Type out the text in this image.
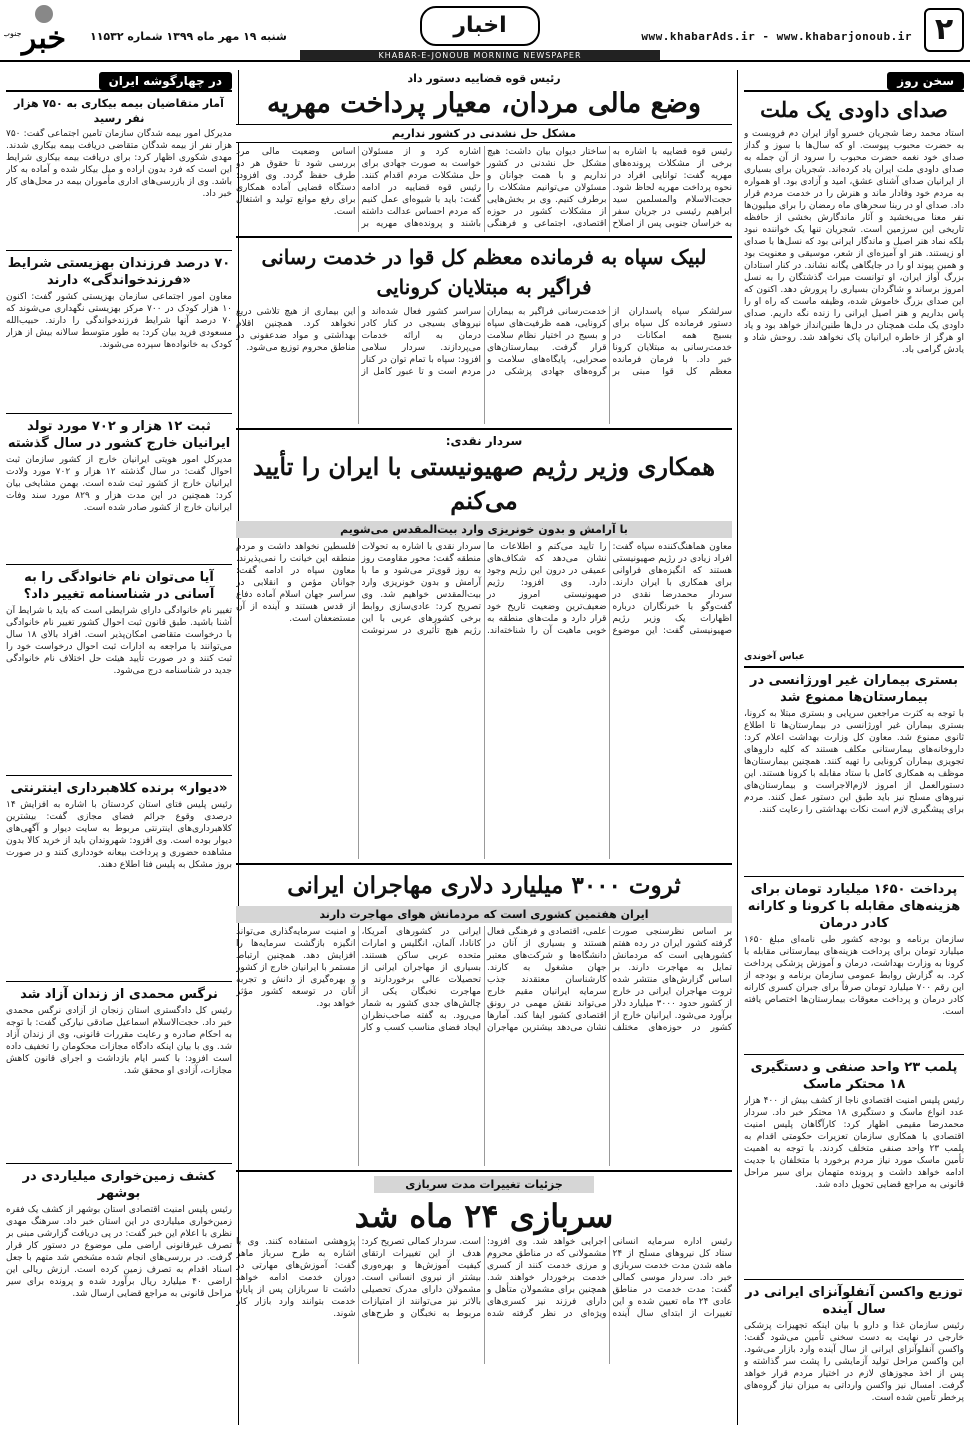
۲
www.khabarAds.ir - www.khabarjonoub.ir
اخبار
KHABAR-E-JONOUB MORNING NEWSPAPER
شنبه ۱۹ مهر ماه ۱۳۹۹ شماره ۱۱۵۳۲
خبر
جنوب
سخن روز
صدای داودی یک ملت
استاد محمد رضا شجریان خسرو آواز ایران دم فروبست و به حضرت محبوب پیوست. او که سال‌ها با سوز و گداز صدای خود نغمه حضرت محبوب را سرود از آن جمله به صدای داودی ملت ایران یاد کرده‌اند. شجریان برای بسیاری از ایرانیان صدای آشنای عشق، امید و آزادی بود. او همواره به مردم خود وفادار ماند و هنرش را در خدمت مردم قرار داد. صدای او در ربنا سحرهای ماه رمضان را برای میلیون‌ها نفر معنا می‌بخشید و آثار ماندگارش بخشی از حافظه تاریخی این سرزمین است. شجریان تنها یک خواننده نبود بلکه نماد هنر اصیل و ماندگار ایرانی بود که نسل‌ها با صدای او زیستند. هنر او آمیزه‌ای از شعر، موسیقی و معنویت بود و همین پیوند او را در جایگاهی یگانه نشاند. در کنار استادان بزرگ آواز ایران، او توانست میراث گذشتگان را به نسل امروز برساند و شاگردان بسیاری را پرورش دهد. اکنون که این صدای بزرگ خاموش شده، وظیفه ماست که راه او را پاس بداریم و هنر اصیل ایرانی را زنده نگه داریم. صدای داودی یک ملت همچنان در دل‌ها طنین‌انداز خواهد بود و یاد او هرگز از خاطره ایرانیان پاک نخواهد شد. روحش شاد و یادش گرامی باد.
عباس آخوندی
بستری بیماران غیر اورژانسی در بیمارستان‌ها ممنوع شد
با توجه به کثرت مراجعین سرپایی و بستری مبتلا به کرونا، بستری بیماران غیر اورژانسی در بیمارستان‌ها تا اطلاع ثانوی ممنوع شد. معاون کل وزارت بهداشت اعلام کرد: داروخانه‌های بیمارستانی مکلف هستند که کلیه داروهای تجویزی بیماران کرونایی را تهیه کنند. همچنین بیمارستان‌ها موظف به همکاری کامل با ستاد مقابله با کرونا هستند. این دستورالعمل از امروز لازم‌الاجراست و بیمارستان‌های نیروهای مسلح نیز باید طبق این دستور عمل کنند. مردم برای پیشگیری لازم است نکات بهداشتی را رعایت کنند.
پرداخت ۱۶۵۰ میلیارد تومان برای هزینه‌های مقابله با کرونا و کارانه کادر درمان
سازمان برنامه و بودجه کشور طی نامه‌ای مبلغ ۱۶۵۰ میلیارد تومان برای پرداخت هزینه‌های بیمارستانی مقابله با کرونا به وزارت بهداشت، درمان و آموزش پزشکی پرداخت کرد. به گزارش روابط عمومی سازمان برنامه و بودجه از این رقم ۷۰۰ میلیارد تومان صرفاً برای جبران کسری کارانه کادر درمان و پرداخت معوقات بیمارستان‌ها اختصاص یافته است.
پلمب ۲۳ واحد صنفی و دستگیری ۱۸ محتکر ماسک
رئیس پلیس امنیت اقتصادی ناجا از کشف بیش از ۴۰۰ هزار عدد انواع ماسک و دستگیری ۱۸ محتکر خبر داد. سردار محمدرضا مقیمی اظهار کرد: کارآگاهان پلیس امنیت اقتصادی با همکاری سازمان تعزیرات حکومتی اقدام به پلمب ۲۳ واحد صنفی متخلف کردند. با توجه به اهمیت تأمین ماسک مورد نیاز مردم برخورد با متخلفان با جدیت ادامه خواهد داشت و پرونده متهمان برای سیر مراحل قانونی به مراجع قضایی تحویل داده شد.
توزیع واکسن آنفلوآنزای ایرانی در سال آینده
رئیس سازمان غذا و دارو با بیان اینکه تجهیزات پزشکی خارجی در نهایت به دست سخنی تأمین می‌شود گفت: واکسن آنفلوآنزای ایرانی از سال آینده وارد بازار می‌شود. این واکسن مراحل تولید آزمایشی را پشت سر گذاشته و پس از اخذ مجوزهای لازم در اختیار مردم قرار خواهد گرفت. امسال نیز واکسن وارداتی به میزان نیاز گروه‌های پرخطر تأمین شده است.
رئیس قوه قضاییه دستور داد
وضع مالی مردان، معیار پرداخت مهریه
مشکل حل نشدنی در کشور نداریم
رئیس قوه قضاییه با اشاره به برخی از مشکلات پرونده‌های مهریه گفت: توانایی افراد در نحوه پرداخت مهریه لحاظ شود. حجت‌الاسلام والمسلمین سید ابراهیم رئیسی در جریان سفر به خراسان جنوبی پس از اصلاح ساختار دیوان بیان داشت: هیچ مشکل حل نشدنی در کشور نداریم و با همت جوانان و مسئولان می‌توانیم مشکلات را برطرف کنیم. وی بر بخش‌هایی از مشکلات کشور در حوزه اقتصادی، اجتماعی و فرهنگی اشاره کرد و از مسئولان خواست به صورت جهادی برای حل مشکلات مردم اقدام کنند. رئیس قوه قضاییه در ادامه گفت: باید با شیوه‌ای عمل کنیم که مردم احساس عدالت داشته باشند و پرونده‌های مهریه بر اساس وضعیت مالی مرد بررسی شود تا حقوق هر دو طرف حفظ گردد. وی افزود: دستگاه قضایی آماده همکاری برای رفع موانع تولید و اشتغال است.
لبیک سپاه به فرمانده معظم کل قوا در خدمت رسانی فراگیر به مبتلایان کرونایی
سرلشکر سپاه پاسداران از دستور فرمانده کل سپاه برای بسیج همه امکانات در خدمت‌رسانی به مبتلایان کرونا خبر داد. با فرمان فرمانده معظم کل قوا مبنی بر خدمت‌رسانی فراگیر به بیماران کرونایی، همه ظرفیت‌های سپاه و بسیج در اختیار نظام سلامت قرار گرفت. بیمارستان‌های صحرایی، پایگاه‌های سلامت و گروه‌های جهادی پزشکی در سراسر کشور فعال شده‌اند و نیروهای بسیجی در کنار کادر درمان به ارائه خدمات می‌پردازند. سردار سلامی افزود: سپاه با تمام توان در کنار مردم است و تا عبور کامل از این بیماری از هیچ تلاشی دریغ نخواهد کرد. همچنین اقلام بهداشتی و مواد ضدعفونی در مناطق محروم توزیع می‌شود.
سردار نقدی:
همکاری وزیر رژیم صهیونیستی با ایران را تأیید می‌کنم
با آرامش و بدون خونریزی وارد بیت‌المقدس می‌شویم
معاون هماهنگ‌کننده سپاه گفت: افراد زیادی در رژیم صهیونیستی هستند که انگیزه‌های فراوانی برای همکاری با ایران دارند. سردار محمدرضا نقدی در گفت‌وگو با خبرنگاران درباره اظهارات یک وزیر رژیم صهیونیستی گفت: این موضوع را تأیید می‌کنم و اطلاعات ما نشان می‌دهد که شکاف‌های عمیقی در درون این رژیم وجود دارد. وی افزود: رژیم صهیونیستی امروز در ضعیف‌ترین وضعیت تاریخ خود قرار دارد و ملت‌های منطقه به خوبی ماهیت آن را شناخته‌اند. سردار نقدی با اشاره به تحولات منطقه گفت: محور مقاومت روز به روز قوی‌تر می‌شود و ما با آرامش و بدون خونریزی وارد بیت‌المقدس خواهیم شد. وی تصریح کرد: عادی‌سازی روابط برخی کشورهای عربی با این رژیم هیچ تأثیری در سرنوشت فلسطین نخواهد داشت و مردم منطقه این خیانت را نمی‌پذیرند. معاون سپاه در ادامه گفت: جوانان مؤمن و انقلابی در سراسر جهان اسلام آماده دفاع از قدس هستند و آینده از آن مستضعفان است.
ثروت ۳۰۰۰ میلیارد دلاری مهاجران ایرانی
ایران هفتمین کشوری است که مردمانش هوای مهاجرت دارند
بر اساس نظرسنجی صورت گرفته کشور ایران در رده هفتم کشورهایی است که مردمانش تمایل به مهاجرت دارند. بر اساس گزارش‌های منتشر شده ثروت مهاجران ایرانی در خارج از کشور حدود ۳۰۰۰ میلیارد دلار برآورد می‌شود. ایرانیان خارج از کشور در حوزه‌های مختلف علمی، اقتصادی و فرهنگی فعال هستند و بسیاری از آنان در دانشگاه‌ها و شرکت‌های معتبر جهان مشغول به کارند. کارشناسان معتقدند جذب سرمایه ایرانیان مقیم خارج می‌تواند نقش مهمی در رونق اقتصادی کشور ایفا کند. آمارها نشان می‌دهد بیشترین مهاجران ایرانی در کشورهای آمریکا، کانادا، آلمان، انگلیس و امارات متحده عربی ساکن هستند. بسیاری از مهاجران ایرانی از تحصیلات عالی برخوردارند و مهاجرت نخبگان یکی از چالش‌های جدی کشور به شمار می‌رود. به گفته صاحب‌نظران ایجاد فضای مناسب کسب و کار و امنیت سرمایه‌گذاری می‌تواند انگیزه بازگشت سرمایه‌ها را افزایش دهد. همچنین ارتباط مستمر با ایرانیان خارج از کشور و بهره‌گیری از دانش و تجربه آنان در توسعه کشور مؤثر خواهد بود.
جزئیات تغییرات مدت سربازی
سربازی ۲۴ ماه شد
رئیس اداره سرمایه انسانی ستاد کل نیروهای مسلح از ۲۴ ماهه شدن مدت خدمت سربازی خبر داد. سردار موسی کمالی گفت: مدت خدمت در مناطق عادی ۲۴ ماه تعیین شده و این تغییرات از ابتدای سال آینده اجرایی خواهد شد. وی افزود: مشمولانی که در مناطق محروم و مرزی خدمت کنند از کسری خدمت برخوردار خواهند شد. همچنین برای مشمولان متأهل و دارای فرزند نیز کسری‌های ویژه‌ای در نظر گرفته شده است. سردار کمالی تصریح کرد: هدف از این تغییرات ارتقای کیفیت آموزش‌ها و بهره‌وری بیشتر از نیروی انسانی است. مشمولان دارای مدرک تحصیلی بالاتر نیز می‌توانند از امتیازات مربوط به نخبگان و طرح‌های پژوهشی استفاده کنند. وی با اشاره به طرح سرباز ماهر گفت: آموزش‌های مهارتی در دوران خدمت ادامه خواهد داشت تا سربازان پس از پایان خدمت بتوانند وارد بازار کار شوند.
در چهارگوشه ایران
آمار متقاضیان بیمه بیکاری به ۷۵۰ هزار نفر رسید
مدیرکل امور بیمه شدگان سازمان تامین اجتماعی گفت: ۷۵۰ هزار نفر از بیمه شدگان متقاضی دریافت بیمه بیکاری شدند. مهدی شکوری اظهار کرد: برای دریافت بیمه بیکاری شرایط این است که فرد بدون اراده و میل بیکار شده و آماده به کار باشد. وی از بازرسی‌های اداری مأموران بیمه در محل‌های کار خبر داد.
۷۰ درصد فرزندان بهزیستی شرایط «فرزندخواندگی» دارند
معاون امور اجتماعی سازمان بهزیستی کشور گفت: اکنون ۱۰ هزار کودک در ۷۰۰ مرکز بهزیستی نگهداری می‌شوند که ۷۰ درصد آنها شرایط فرزندخواندگی را دارند. حبیب‌الله مسعودی فرید بیان کرد: به طور متوسط سالانه بیش از هزار کودک به خانواده‌ها سپرده می‌شوند.
ثبت ۱۲ هزار و ۷۰۲ مورد تولد ایرانیان خارج کشور در سال گذشته
مدیرکل امور هویتی ایرانیان خارج از کشور سازمان ثبت احوال گفت: در سال گذشته ۱۲ هزار و ۷۰۲ مورد ولادت ایرانیان خارج از کشور ثبت شده است. بهمن مشایخی بیان کرد: همچنین در این مدت هزار و ۸۲۹ مورد سند وفات ایرانیان خارج از کشور صادر شده است.
آیا می‌توان نام خانوادگی را به آسانی در شناسنامه تغییر داد؟
تغییر نام خانوادگی دارای شرایطی است که باید با شرایط آن آشنا باشید. طبق قانون ثبت احوال کشور تغییر نام خانوادگی با درخواست متقاضی امکان‌پذیر است. افراد بالای ۱۸ سال می‌توانند با مراجعه به ادارات ثبت احوال درخواست خود را ثبت کنند و در صورت تأیید هیئت حل اختلاف نام خانوادگی جدید در شناسنامه درج می‌شود.
«دیوار» برنده کلاهبرداری اینترنتی
رئیس پلیس فتای استان کردستان با اشاره به افزایش ۱۴ درصدی وقوع جرائم فضای مجازی گفت: بیشترین کلاهبرداری‌های اینترنتی مربوط به سایت دیوار و آگهی‌های دیوار بوده است. وی افزود: شهروندان باید از خرید کالا بدون مشاهده حضوری و پرداخت بیعانه خودداری کنند و در صورت بروز مشکل به پلیس فتا اطلاع دهند.
نرگس محمدی از زندان آزاد شد
رئیس کل دادگستری استان زنجان از آزادی نرگس محمدی خبر داد. حجت‌الاسلام اسماعیل صادقی نیارکی گفت: با توجه به احکام صادره و رعایت مقررات قانونی، وی از زندان آزاد شد. وی با بیان اینکه دادگاه مجازات محکومان را تخفیف داده است افزود: با کسر ایام بازداشت و اجرای قانون کاهش مجازات، آزادی او محقق شد.
کشف زمین‌خواری میلیاردی در بوشهر
رئیس پلیس امنیت اقتصادی استان بوشهر از کشف یک فقره زمین‌خواری میلیاردی در این استان خبر داد. سرهنگ مهدی نظری با اعلام این خبر گفت: در پی دریافت گزارشی مبنی بر تصرف غیرقانونی اراضی ملی موضوع در دستور کار قرار گرفت. در بررسی‌های انجام شده مشخص شد متهم با جعل اسناد اقدام به تصرف زمین کرده است. ارزش ریالی این اراضی ۴۰ میلیارد ریال برآورد شده و پرونده برای سیر مراحل قانونی به مراجع قضایی ارسال شد.
